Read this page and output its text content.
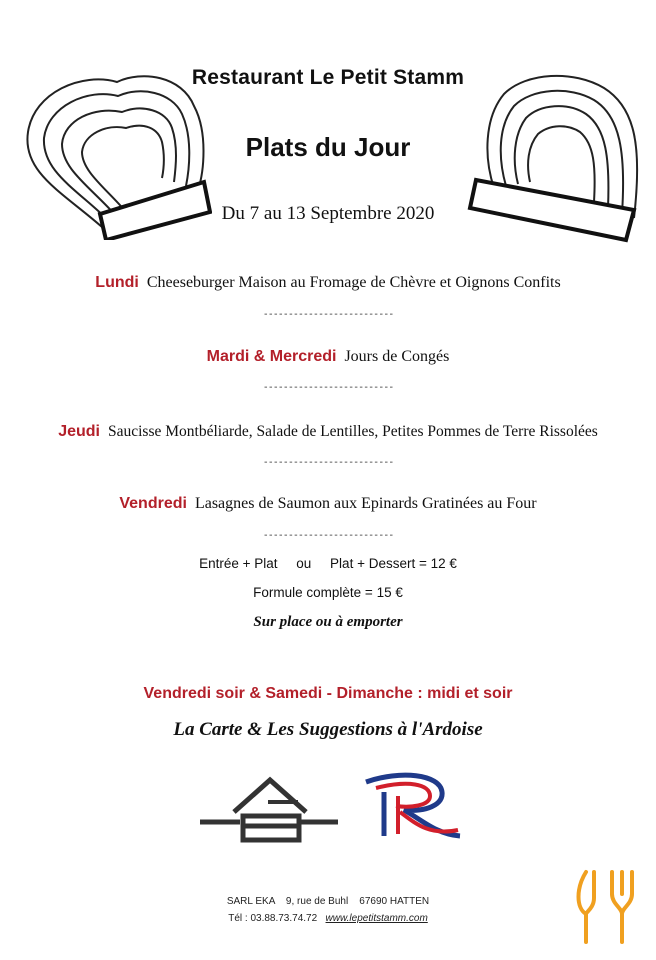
Restaurant Le Petit Stamm
Plats du Jour
Du 7 au 13 Septembre 2020
Lundi Cheeseburger Maison au Fromage de Chèvre et Oignons Confits
--------------------------
Mardi & Mercredi Jours de Congés
--------------------------
Jeudi Saucisse Montbéliarde, Salade de Lentilles, Petites Pommes de Terre Rissolées
--------------------------
Vendredi Lasagnes de Saumon aux Epinards Gratinées au Four
--------------------------
Entrée + Plat     ou     Plat + Dessert = 12 €
Formule complète = 15 €
Sur place ou à emporter
Vendredi soir & Samedi - Dimanche : midi et soir
La Carte & Les Suggestions à l'Ardoise
SARL EKA    9, rue de Buhl    67690 HATTEN
Tél : 03.88.73.74.72 www.lepetitstamm.com
